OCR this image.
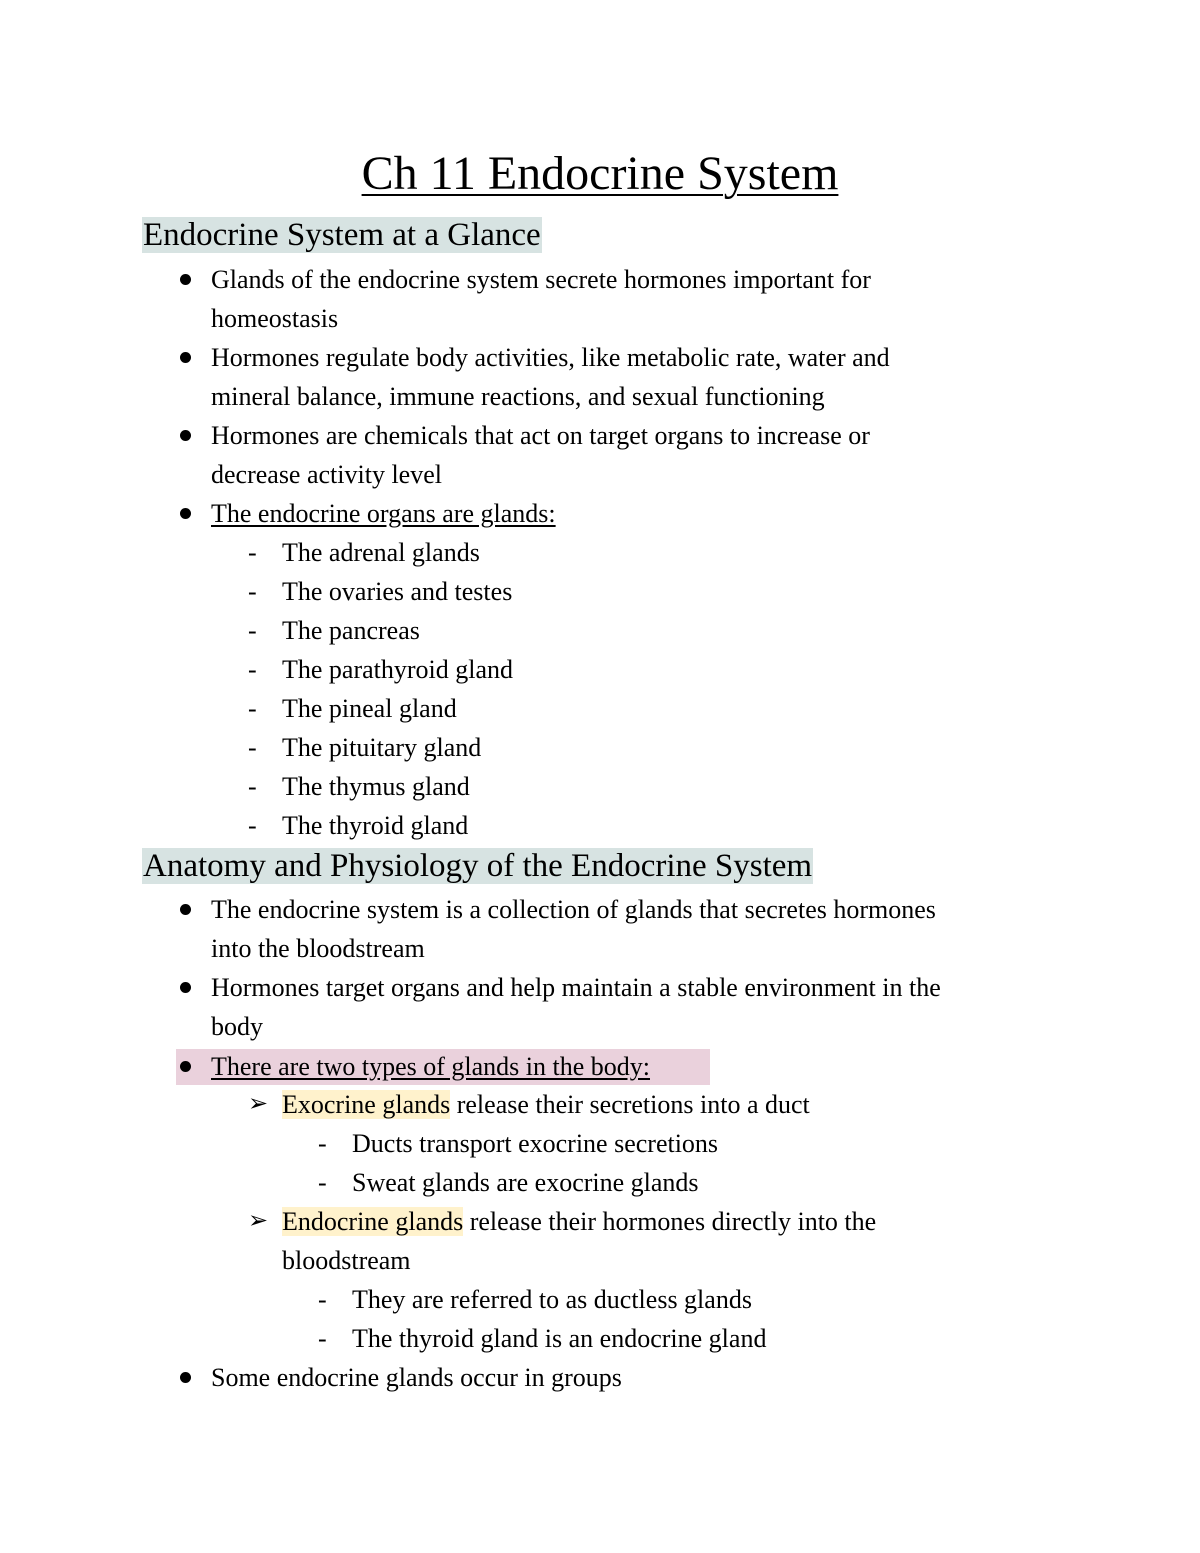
Ch 11 Endocrine System
Endocrine System at a Glance
Glands of the endocrine system secrete hormones important for
homeostasis
Hormones regulate body activities, like metabolic rate, water and
mineral balance, immune reactions, and sexual functioning
Hormones are chemicals that act on target organs to increase or
decrease activity level
The endocrine organs are glands:
- The adrenal glands
- The ovaries and testes
- The pancreas
- The parathyroid gland
- The pineal gland
- The pituitary gland
- The thymus gland
- The thyroid gland
Anatomy and Physiology of the Endocrine System
The endocrine system is a collection of glands that secretes hormones
into the bloodstream
Hormones target organs and help maintain a stable environment in the
body
There are two types of glands in the body:
➢ Exocrine glands release their secretions into a duct
- Ducts transport exocrine secretions
- Sweat glands are exocrine glands
➢ Endocrine glands release their hormones directly into the
bloodstream
- They are referred to as ductless glands
- The thyroid gland is an endocrine gland
Some endocrine glands occur in groups
